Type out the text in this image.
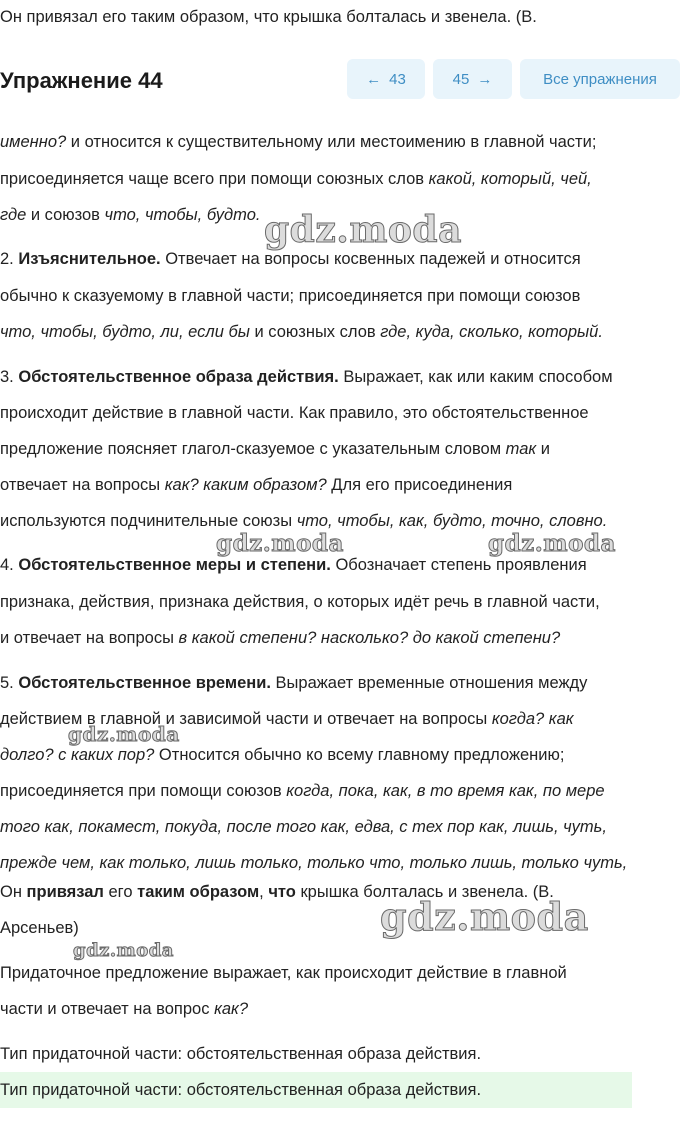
Он привязал его таким образом, что крышка болталась и звенела. (В.
Упражнение 44	← 43	45 →	Все упражнения
именно? и относится к существительному или местоимению в главной части;
присоединяется чаще всего при помощи союзных слов какой, который, чей,
где и союзов что, чтобы, будто.
2. Изъяснительное. Отвечает на вопросы косвенных падежей и относится
обычно к сказуемому в главной части; присоединяется при помощи союзов
что, чтобы, будто, ли, если бы и союзных слов где, куда, сколько, который.
3. Обстоятельственное образа действия. Выражает, как или каким способом
происходит действие в главной части. Как правило, это обстоятельственное
предложение поясняет глагол-сказуемое с указательным словом так и
отвечает на вопросы как? каким образом? Для его присоединения
используются подчинительные союзы что, чтобы, как, будто, точно, словно.
4. Обстоятельственное меры и степени. Обозначает степень проявления
признака, действия, признака действия, о которых идёт речь в главной части,
и отвечает на вопросы в какой степени? насколько? до какой степени?
5. Обстоятельственное времени. Выражает временные отношения между
действием в главной и зависимой части и отвечает на вопросы когда? как
долго? с каких пор? Относится обычно ко всему главному предложению;
присоединяется при помощи союзов когда, пока, как, в то время как, по мере
того как, покамест, покуда, после того как, едва, с тех пор как, лишь, чуть,
прежде чем, как только, лишь только, только что, только лишь, только чуть,
Он привязал его таким образом, что крышка болталась и звенела. (В.
Арсеньев)
Придаточное предложение выражает, как происходит действие в главной
части и отвечает на вопрос как?
Тип придаточной части: обстоятельственная образа действия.
Тип придаточной части: обстоятельственная образа действия.
gdz.moda
gdz.moda	gdz.moda
gdz.moda
gdz.moda
gdz.moda
